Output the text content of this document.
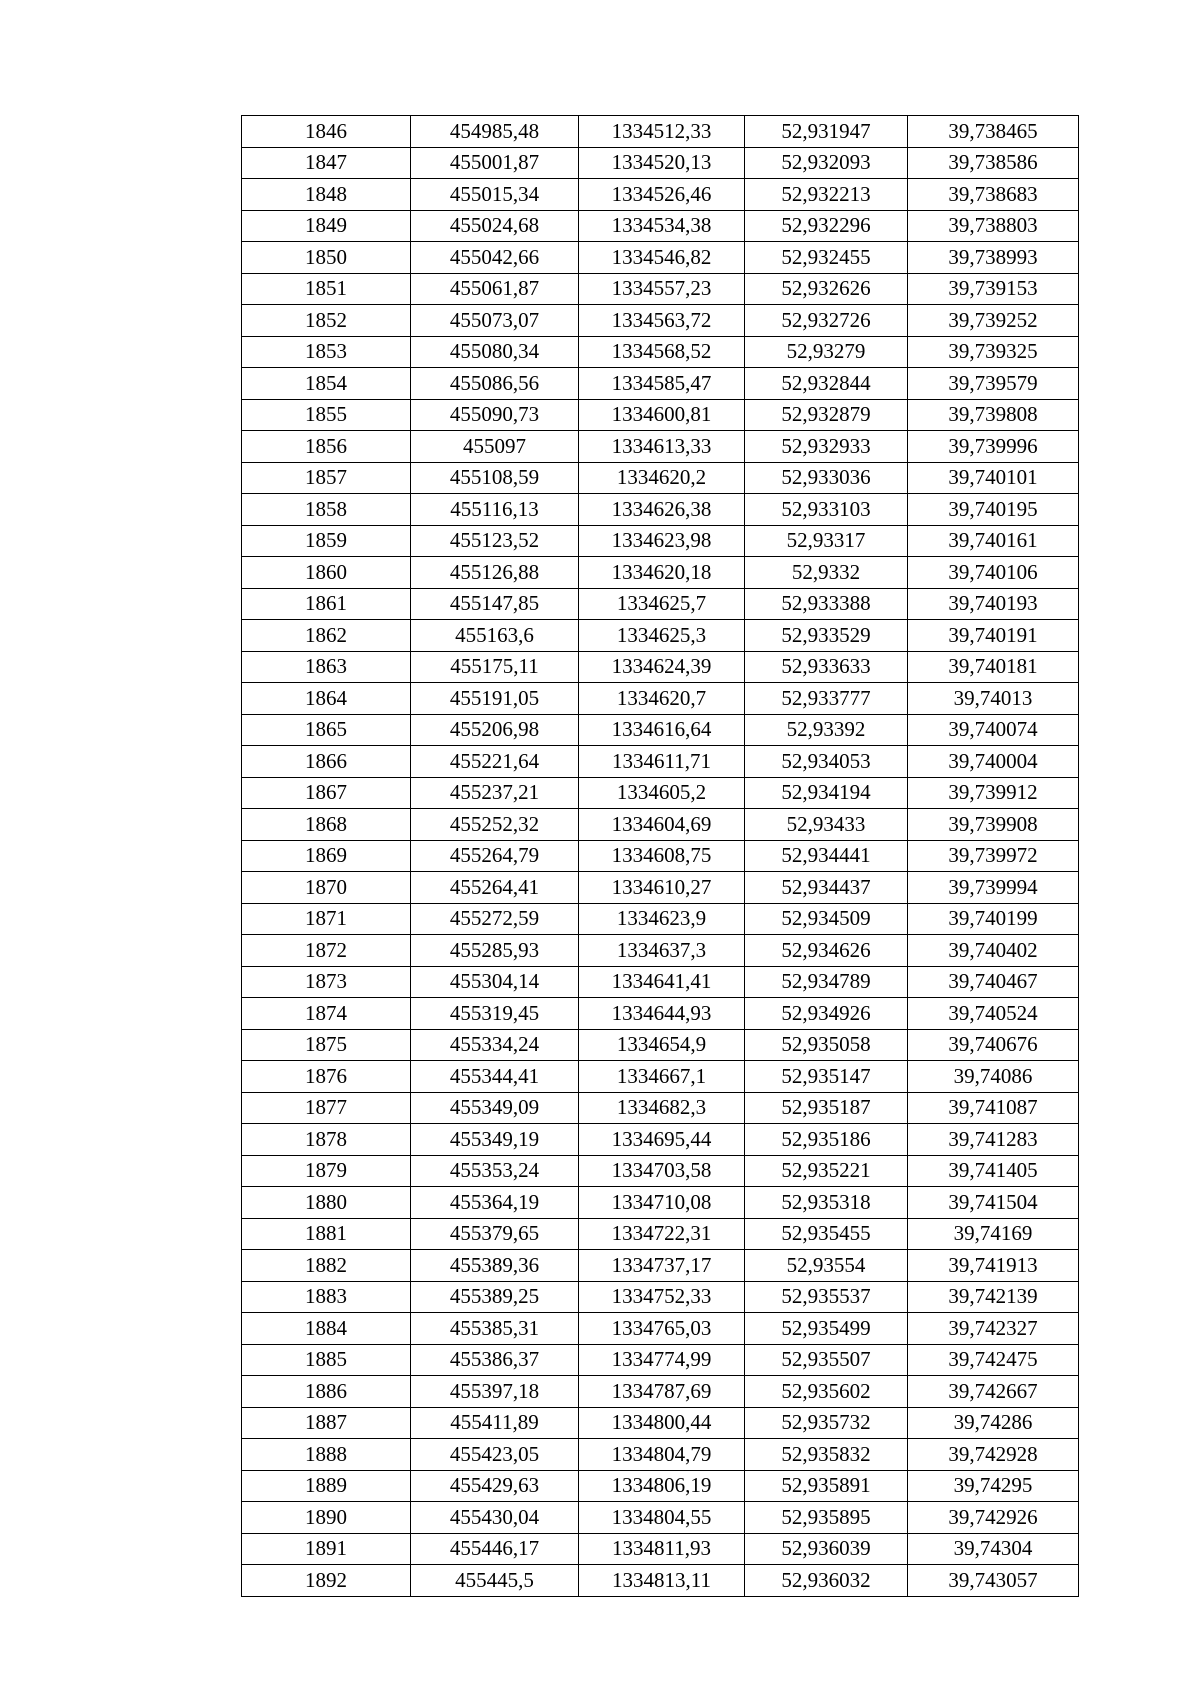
1846	454985,48	1334512,33	52,931947	39,738465
1847	455001,87	1334520,13	52,932093	39,738586
1848	455015,34	1334526,46	52,932213	39,738683
1849	455024,68	1334534,38	52,932296	39,738803
1850	455042,66	1334546,82	52,932455	39,738993
1851	455061,87	1334557,23	52,932626	39,739153
1852	455073,07	1334563,72	52,932726	39,739252
1853	455080,34	1334568,52	52,93279	39,739325
1854	455086,56	1334585,47	52,932844	39,739579
1855	455090,73	1334600,81	52,932879	39,739808
1856	455097	1334613,33	52,932933	39,739996
1857	455108,59	1334620,2	52,933036	39,740101
1858	455116,13	1334626,38	52,933103	39,740195
1859	455123,52	1334623,98	52,93317	39,740161
1860	455126,88	1334620,18	52,9332	39,740106
1861	455147,85	1334625,7	52,933388	39,740193
1862	455163,6	1334625,3	52,933529	39,740191
1863	455175,11	1334624,39	52,933633	39,740181
1864	455191,05	1334620,7	52,933777	39,74013
1865	455206,98	1334616,64	52,93392	39,740074
1866	455221,64	1334611,71	52,934053	39,740004
1867	455237,21	1334605,2	52,934194	39,739912
1868	455252,32	1334604,69	52,93433	39,739908
1869	455264,79	1334608,75	52,934441	39,739972
1870	455264,41	1334610,27	52,934437	39,739994
1871	455272,59	1334623,9	52,934509	39,740199
1872	455285,93	1334637,3	52,934626	39,740402
1873	455304,14	1334641,41	52,934789	39,740467
1874	455319,45	1334644,93	52,934926	39,740524
1875	455334,24	1334654,9	52,935058	39,740676
1876	455344,41	1334667,1	52,935147	39,74086
1877	455349,09	1334682,3	52,935187	39,741087
1878	455349,19	1334695,44	52,935186	39,741283
1879	455353,24	1334703,58	52,935221	39,741405
1880	455364,19	1334710,08	52,935318	39,741504
1881	455379,65	1334722,31	52,935455	39,74169
1882	455389,36	1334737,17	52,93554	39,741913
1883	455389,25	1334752,33	52,935537	39,742139
1884	455385,31	1334765,03	52,935499	39,742327
1885	455386,37	1334774,99	52,935507	39,742475
1886	455397,18	1334787,69	52,935602	39,742667
1887	455411,89	1334800,44	52,935732	39,74286
1888	455423,05	1334804,79	52,935832	39,742928
1889	455429,63	1334806,19	52,935891	39,74295
1890	455430,04	1334804,55	52,935895	39,742926
1891	455446,17	1334811,93	52,936039	39,74304
1892	455445,5	1334813,11	52,936032	39,743057
